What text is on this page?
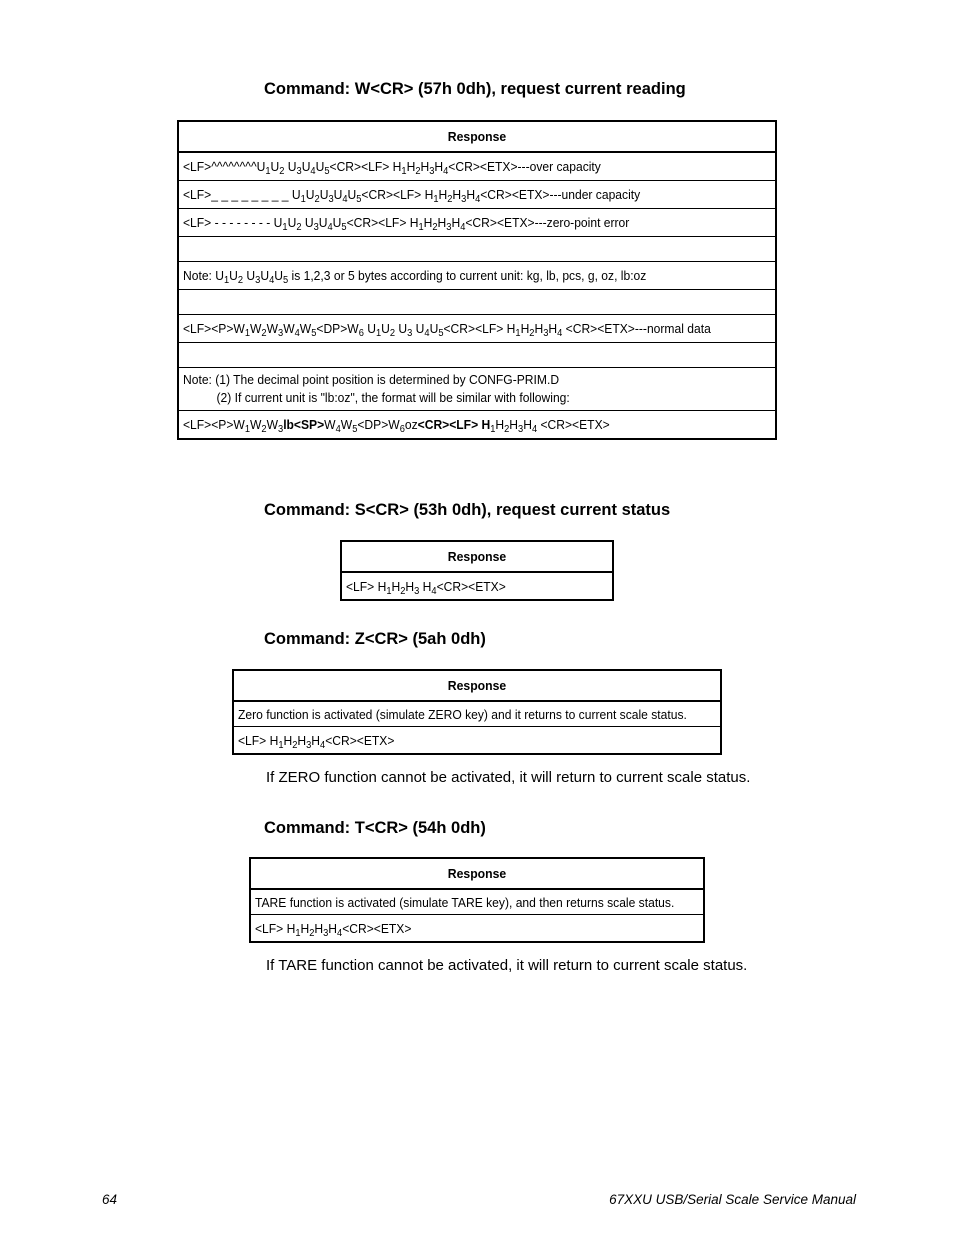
Command: W<CR> (57h 0dh), request current reading
Response
$<LF>\^{}\^{}\^{}\^{}\^{}\^{}\^{}\^{}U_1U_2$ $U_3U_4U_5<CR><LF>$ $H_1H_2H_3H_4<CR><ETX>--$-over capacity
<LF>_ _ _ _ _ _ _ _ $U_1U_2U_3U_4U_5<CR><LF>$ $H_1H_2H_3H_4<CR><ETX>--$-under capacity
<LF> - - - - - - - - $U_1U_2$ $U_3U_4U_5<CR><LF>$ $H_1H_2H_3H_4<CR><ETX>---zero$-point error

Note: $U_1U_2$ $U_3U_4U_5$ is 1,2,3 or 5 bytes according to current unit: kg, lb, pcs, g, oz, lb:oz

$<LF><P>W_1W_2W_3W_4W_5<DP>W_6$ $U_1U_2$ $U_3$ $U_4U_5<CR><LF> H_1H_2H_3H_4$ <CR><ETX>---normal data

Note: (1) The decimal point position is determined by CONFG-PRIM.D
(2) If current unit is "lb:oz", the format will be similar with following:
$<LF><P>W_1W_2W_3lb<SP>W_4W_5<DP>W_6oz<CR><LF> H_1H_2H_3H_4 <CR><ETX>$
Command: S<CR> (53h 0dh), request current status
Response
$<LF> H_1H_2H_3$ $H_4<CR><ETX>$
Command: Z<CR> (5ah 0dh)
Response
Zero function is activated (simulate ZERO key) and it returns to current scale status.
$<LF> H_1H_2H_3H_4<CR><ETX>$

If ZERO function cannot be activated, it will return to current scale status.

Command: T<CR> (54h 0dh)
Response
TARE function is activated (simulate TARE key), and then returns scale status.
$<LF> H_1H_2H_3H_4<CR><ETX>$

If TARE function cannot be activated, it will return to current scale status.

64	67XXU USB/Serial Scale Service Manual
